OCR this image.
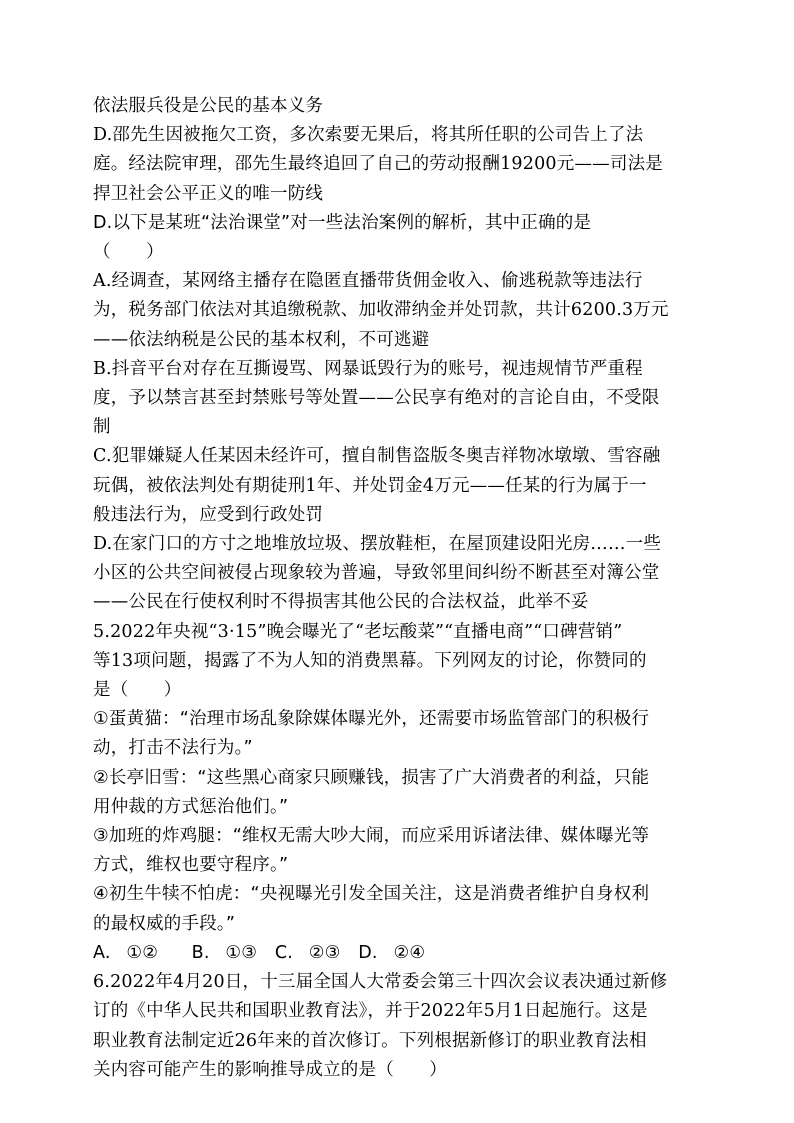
依法服兵役是公民的基本义务
D.邵先生因被拖欠工资，多次索要无果后，将其所任职的公司告上了法
庭。经法院审理，邵先生最终追回了自己的劳动报酬19200元——司法是
捍卫社会公平正义的唯一防线
D.以下是某班“法治课堂”对一些法治案例的解析，其中正确的是
（　　）
A.经调查，某网络主播存在隐匿直播带货佣金收入、偷逃税款等违法行
为，税务部门依法对其追缴税款、加收滞纳金并处罚款，共计6200.3万元
——依法纳税是公民的基本权利，不可逃避
B.抖音平台对存在互撕谩骂、网暴诋毁行为的账号，视违规情节严重程
度，予以禁言甚至封禁账号等处置——公民享有绝对的言论自由，不受限
制
C.犯罪嫌疑人任某因未经许可，擅自制售盗版冬奥吉祥物冰墩墩、雪容融
玩偶，被依法判处有期徒刑1年、并处罚金4万元——任某的行为属于一
般违法行为，应受到行政处罚
D.在家门口的方寸之地堆放垃圾、摆放鞋柜，在屋顶建设阳光房……一些
小区的公共空间被侵占现象较为普遍，导致邻里间纠纷不断甚至对簿公堂
——公民在行使权利时不得损害其他公民的合法权益，此举不妥
5.2022年央视“3·15”晚会曝光了“老坛酸菜”“直播电商”“口碑营销”
等13项问题，揭露了不为人知的消费黑幕。下列网友的讨论，你赞同的
是（　　）
①蛋黄猫：“治理市场乱象除媒体曝光外，还需要市场监管部门的积极行
动，打击不法行为。”
②长亭旧雪：“这些黑心商家只顾赚钱，损害了广大消费者的利益，只能
用仲裁的方式惩治他们。”
③加班的炸鸡腿：“维权无需大吵大闹，而应采用诉诸法律、媒体曝光等
方式，维权也要守程序。”
④初生牛犊不怕虎：“央视曝光引发全国关注，这是消费者维护自身权利
的最权威的手段。”
A. ①②　 B. ①③　C. ②③　D. ②④
6.2022年4月20日，十三届全国人大常委会第三十四次会议表决通过新修
订的《中华人民共和国职业教育法》，并于2022年5月1日起施行。这是
职业教育法制定近26年来的首次修订。下列根据新修订的职业教育法相
关内容可能产生的影响推导成立的是（　　）
